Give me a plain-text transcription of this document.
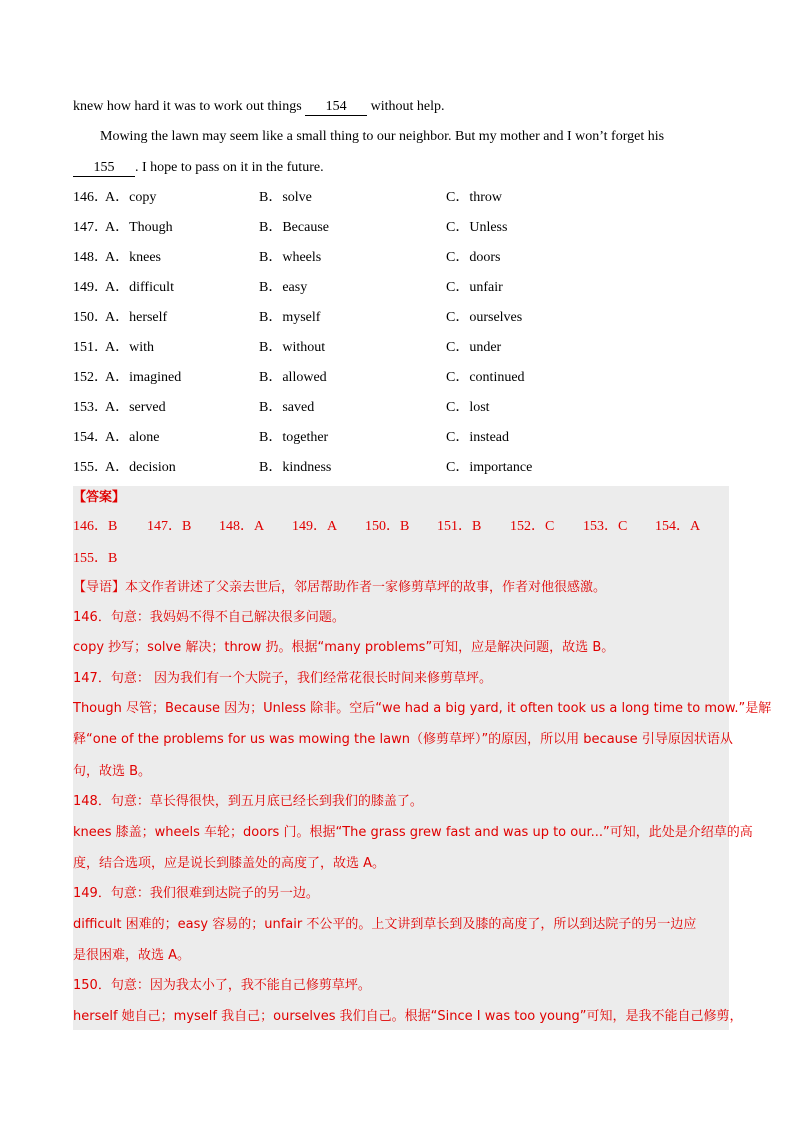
knew how hard it was to work out things 154 without help.
Mowing the lawn may seem like a small thing to our neighbor. But my mother and I won’t forget his
155 . I hope to pass on it in the future.
146．
A．copy	B．solve	C．throw
147．
A．Though	B．Because	C．Unless
148．
A．knees	B．wheels	C．doors
149．
A．difficult	B．easy	C．unfair
150．
A．herself	B．myself	C．ourselves
151．
A．with	B．without	C．under
152．
A．imagined	B．allowed	C．continued
153．
A．served	B．saved	C．lost
154．
A．alone	B．together	C．instead
155．
A．decision	B．kindness	C．importance
【答案】
146．B 147．B 148．A 149．A 150．B 151．B 152．C 153．C 154．A
155．B
【导语】本文作者讲述了父亲去世后，邻居帮助作者一家修剪草坪的故事，作者对他很感激。
146．句意：我妈妈不得不自己解决很多问题。
copy 抄写；solve 解决；throw 扔。根据“many problems”可知，应是解决问题，故选 B。
147．句意： 因为我们有一个大院子，我们经常花很长时间来修剪草坪。
Though 尽管；Because 因为；Unless 除非。空后“we had a big yard, it often took us a long time to mow.”是解
释“one of the problems for us was mowing the lawn（修剪草坪）”的原因，所以用 because 引导原因状语从
句，故选 B。
148．句意：草长得很快，到五月底已经长到我们的膝盖了。
knees 膝盖；wheels 车轮；doors 门。根据“The grass grew fast and was up to our...”可知，此处是介绍草的高
度，结合选项，应是说长到膝盖处的高度了，故选 A。
149．句意：我们很难到达院子的另一边。
difficult 困难的；easy 容易的；unfair 不公平的。上文讲到草长到及膝的高度了，所以到达院子的另一边应
是很困难，故选 A。
150．句意：因为我太小了，我不能自己修剪草坪。
herself 她自己；myself 我自己；ourselves 我们自己。根据“Since I was too young”可知，是我不能自己修剪，
